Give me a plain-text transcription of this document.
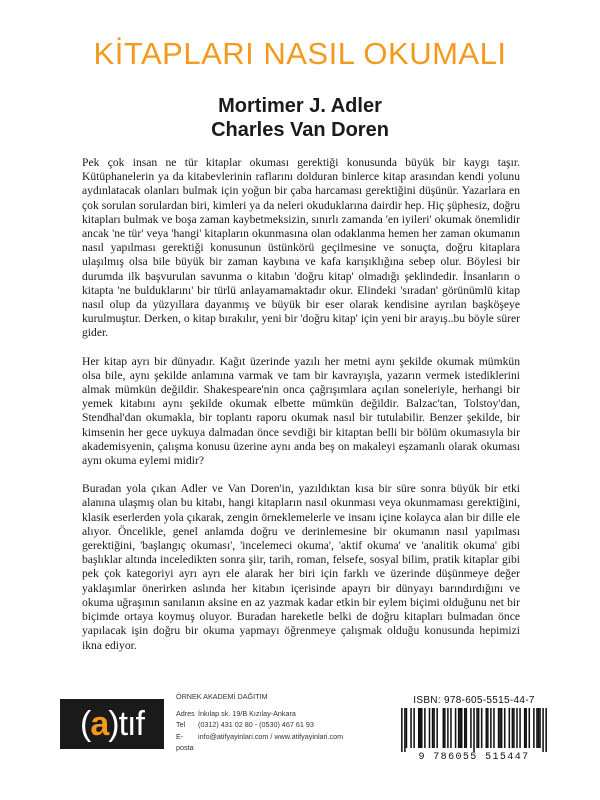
KİTAPLARI NASIL OKUMALI
Mortimer J. Adler
Charles Van Doren

Pek çok insan ne tür kitaplar okuması gerektiği konusunda büyük bir kaygı taşır. Kütüphanelerin ya da kitabevlerinin raflarını dolduran binlerce kitap arasından kendi yolunu aydınlatacak olanları bulmak için yoğun bir çaba harcaması gerektiğini düşünür. Yazarlara en çok sorulan sorulardan biri, kimleri ya da neleri okuduklarına dairdir hep. Hiç şüphesiz, doğru kitapları bulmak ve boşa zaman kaybetmeksizin, sınırlı zamanda 'en iyileri' okumak önemlidir ancak 'ne tür' veya 'hangi' kitapların okunmasına olan odaklanma hemen her zaman okumanın nasıl yapılması gerektiği konusunun üstünkörü geçilmesine ve sonuçta, doğru kitaplara ulaşılmış olsa bile büyük bir zaman kaybına ve kafa karışıklığına sebep olur. Böylesi bir durumda ilk başvurulan savunma o kitabın 'doğru kitap' olmadığı şeklindedir. İnsanların o kitapta 'ne bulduklarını' bir türlü anlayamamaktadır okur. Elindeki 'sıradan' görünümlü kitap nasıl olup da yüzyıllara dayanmış ve büyük bir eser olarak kendisine ayrılan başköşeye kurulmuştur. Derken, o kitap bırakılır, yeni bir 'doğru kitap' için yeni bir arayış..bu böyle sürer gider.

Her kitap ayrı bir dünyadır. Kağıt üzerinde yazılı her metni aynı şekilde okumak mümkün olsa bile, aynı şekilde anlamına varmak ve tam bir kavrayışla, yazarın vermek istediklerini almak mümkün değildir. Shakespeare'nin onca çağrışımlara açılan soneleriyle, herhangi bir yemek kitabını aynı şekilde okumak elbette mümkün değildir. Balzac'tan, Tolstoy'dan, Stendhal'dan okumakla, bir toplantı raporu okumak nasıl bir tutulabilir. Benzer şekilde, bir kimsenin her gece uykuya dalmadan önce sevdiği bir kitaptan belli bir bölüm okumasıyla bir akademisyenin, çalışma konusu üzerine aynı anda beş on makaleyi eşzamanlı olarak okuması aynı okuma eylemi midir?

Buradan yola çıkan Adler ve Van Doren'in, yazıldıktan kısa bir süre sonra büyük bir etki alanına ulaşmış olan bu kitabı, hangi kitapların nasıl okunması veya okunmaması gerektiğini, klasik eserlerden yola çıkarak, zengin örneklemelerle ve insanı içine kolayca alan bir dille ele alıyor. Öncelikle, genel anlamda doğru ve derinlemesine bir okumanın nasıl yapılması gerektiğini, 'başlangıç okuması', 'incelemeci okuma', 'aktif okuma' ve 'analitik okuma' gibi başlıklar altında inceledikten sonra şiir, tarih, roman, felsefe, sosyal bilim, pratik kitaplar gibi pek çok kategoriyi ayrı ayrı ele alarak her biri için farklı ve üzerinde düşünmeye değer yaklaşımlar önerirken aslında her kitabın içerisinde apayrı bir dünyayı barındırdığını ve okuma uğraşının sanılanın aksine en az yazmak kadar etkin bir eylem biçimi olduğunu net bir biçimde ortaya koymuş oluyor. Buradan hareketle belki de doğru kitapları bulmadan önce yapılacak işin doğru bir okuma yapmayı öğrenmeye çalışmak olduğu konusunda hepimizi ikna ediyor.

(a)tıf
ÖRNEK AKADEMİ DAĞITIM
Adres İnkılap sk. 19/B Kızılay-Ankara
Tel	(0312) 431 02 80 - (0530) 467 61 93
E-posta
info@atifyayinlari.com / www.atifyayinlari.com
ISBN: 978-605-5515-44-7
9 786055 515447
